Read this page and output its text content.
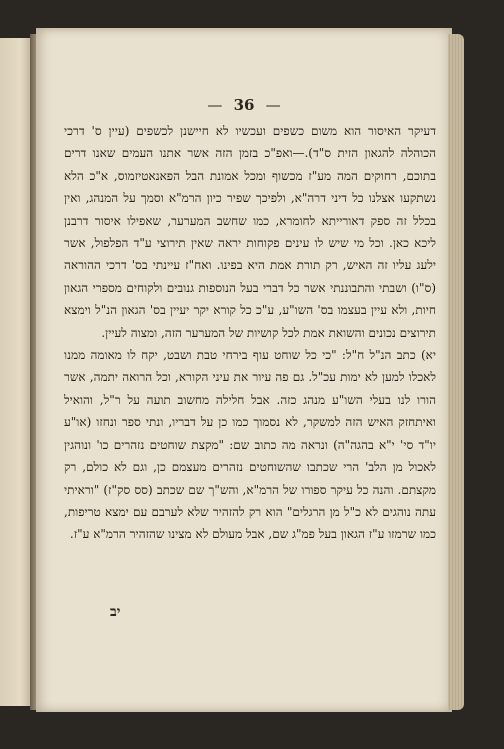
— 36 —

דעיקר האיסור הוא משום כשפים ועכשיו לא חיישנן לכשפים (עיין ס' דרכי הכוהלה להגאון הזית ס"ד).—ואפ"כ בזמן הזה אשר אתנו העמים שאנו דרים בתוכם, רחוקים המה מע"ז מכשוף ומכל אמונת הבל הפאנאטיזמוס, א"כ הלא נשתקעו אצלנו כל דיני דרה"א, ולפיכך שפיר כיון הרמ"א וסמך על המנהג, ואין בכלל זה ספק דאורייתא לחומרא, כמו שחשב המערער, שאפילו איסור דרבנן ליכא כאן. וכל מי שיש לו עינים פקוחות יראה שאין תירוצי ע"ד הפלפול, אשר ילעג עליו זה האיש, רק תורת אמת היא בפינו. ואח"ז עיינתי בס' דרכי ההוראה (ס"ו) ושבתי והתבוננתי אשר כל דברי בעל הנוספות גנובים ולקוחים מספרי הגאון חיות, ולא עיין בעצמו בס' השו"ע, ע"כ כל קורא יקר יעיין בס' הגאון הנ"ל וימצא תירוצים נכונים והשואת אמת לכל קושיות של המערער הזה, ומצוה לעיין.

יא) כתב הנ"ל ח"ל: "כי כל שוחט עוף בירחי טבת ושבט, יקח לו מאומה ממנו לאכלו למען לא ימות עכ"ל. גם פה עיור את עיני הקורא, וכל הרואה יתמה, אשר הורו לנו בעלי השו"ע מנהג כזה. אבל חלילה מחשוב תועה על ר"ל, והואיל ואיתחזק האיש הזה למשקר, לא נסמוך כמו כן על דבריו, ונתי ספר ונחזו (או"ע יו"ד סי' י"א בהגה"ה) ונראה מה כתוב שם: "מקצת שוחטים נזהרים כו' ונוהגין לאכול מן הלב' הרי שכתבו שהשוחטים נזהרים מעצמם כן, וגם לא כולם, רק מקצתם. והנה כל עיקר ספורו של הרמ"א, והש"ך שם שכתב (סס סק"ז) "וראיתי עתה נוהגים לא כ"ל מן הרגלים" הוא רק להזהיר שלא לערבם עם ימצא טריפות, כמו שרמזו ע"ז הגאון בעל פמ"ג שם, אבל מעולם לא מצינו שהזהיר הרמ"א ע"ז.

יב
